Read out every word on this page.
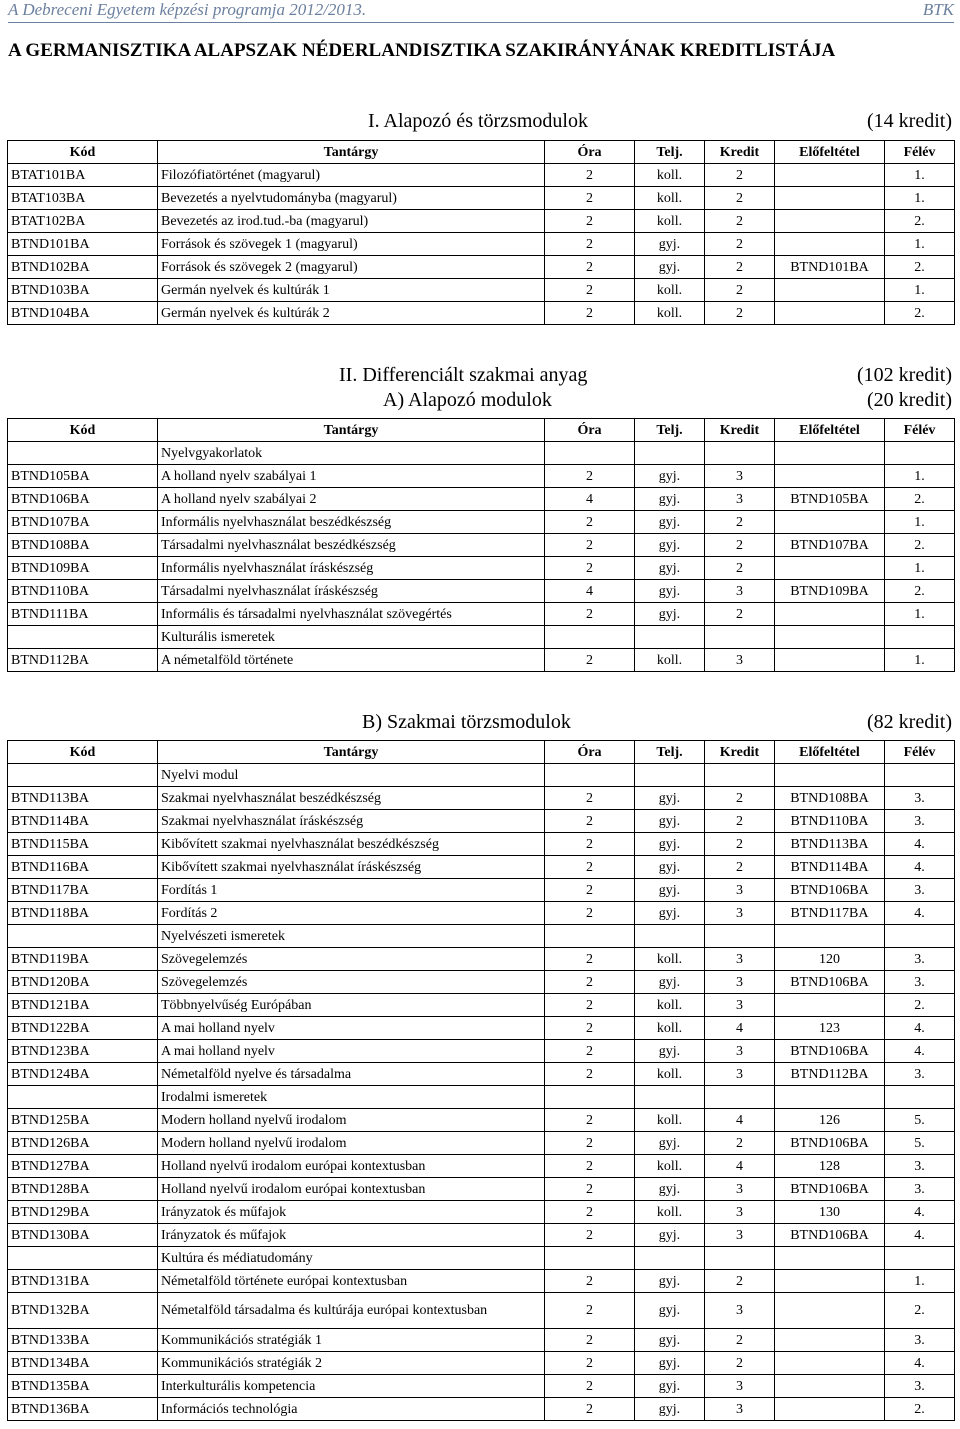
A Debreceni Egyetem képzési programja 2012/2013.	BTK
A GERMANISZTIKA ALAPSZAK NÉDERLANDISZTIKA SZAKIRÁNYÁNAK KREDITLISTÁJA
I. Alapozó és törzsmodulok	(14 kredit)
Kód	Tantárgy	Óra	Telj.	Kredit	Előfeltétel	Félév
BTAT101BA	Filozófiatörténet (magyarul)	2	koll.	2		1.
BTAT103BA	Bevezetés a nyelvtudományba (magyarul)	2	koll.	2		1.
BTAT102BA	Bevezetés az irod.tud.-ba (magyarul)	2	koll.	2		2.
BTND101BA	Források és szövegek 1 (magyarul)	2	gyj.	2		1.
BTND102BA	Források és szövegek 2 (magyarul)	2	gyj.	2	BTND101BA	2.
BTND103BA	Germán nyelvek és kultúrák 1	2	koll.	2		1.
BTND104BA	Germán nyelvek és kultúrák 2	2	koll.	2		2.
II. Differenciált szakmai anyag	(102 kredit)
A) Alapozó modulok	(20 kredit)
Kód	Tantárgy	Óra	Telj.	Kredit	Előfeltétel	Félév
	Nyelvgyakorlatok					
BTND105BA	A holland nyelv szabályai 1	2	gyj.	3		1.
BTND106BA	A holland nyelv szabályai 2	4	gyj.	3	BTND105BA	2.
BTND107BA	Informális nyelvhasználat beszédkészség	2	gyj.	2		1.
BTND108BA	Társadalmi nyelvhasználat beszédkészség	2	gyj.	2	BTND107BA	2.
BTND109BA	Informális nyelvhasználat íráskészség	2	gyj.	2		1.
BTND110BA	Társadalmi nyelvhasználat íráskészség	4	gyj.	3	BTND109BA	2.
BTND111BA	Informális és társadalmi nyelvhasználat szövegértés	2	gyj.	2		1.
	Kulturális ismeretek					
BTND112BA	A németalföld története	2	koll.	3		1.
B) Szakmai törzsmodulok	(82 kredit)
Kód	Tantárgy	Óra	Telj.	Kredit	Előfeltétel	Félév
	Nyelvi modul					
BTND113BA	Szakmai nyelvhasználat beszédkészség	2	gyj.	2	BTND108BA	3.
BTND114BA	Szakmai nyelvhasználat íráskészség	2	gyj.	2	BTND110BA	3.
BTND115BA	Kibővített szakmai nyelvhasználat beszédkészség	2	gyj.	2	BTND113BA	4.
BTND116BA	Kibővített szakmai nyelvhasználat íráskészség	2	gyj.	2	BTND114BA	4.
BTND117BA	Fordítás 1	2	gyj.	3	BTND106BA	3.
BTND118BA	Fordítás 2	2	gyj.	3	BTND117BA	4.
	Nyelvészeti ismeretek					
BTND119BA	Szövegelemzés	2	koll.	3	120	3.
BTND120BA	Szövegelemzés	2	gyj.	3	BTND106BA	3.
BTND121BA	Többnyelvűség Európában	2	koll.	3		2.
BTND122BA	A mai holland nyelv	2	koll.	4	123	4.
BTND123BA	A mai holland nyelv	2	gyj.	3	BTND106BA	4.
BTND124BA	Németalföld nyelve és társadalma	2	koll.	3	BTND112BA	3.
	Irodalmi ismeretek					
BTND125BA	Modern holland nyelvű irodalom	2	koll.	4	126	5.
BTND126BA	Modern holland nyelvű irodalom	2	gyj.	2	BTND106BA	5.
BTND127BA	Holland nyelvű irodalom európai kontextusban	2	koll.	4	128	3.
BTND128BA	Holland nyelvű irodalom európai kontextusban	2	gyj.	3	BTND106BA	3.
BTND129BA	Irányzatok és műfajok	2	koll.	3	130	4.
BTND130BA	Irányzatok és műfajok	2	gyj.	3	BTND106BA	4.
	Kultúra és médiatudomány					
BTND131BA	Németalföld története európai kontextusban	2	gyj.	2		1.
BTND132BA	Németalföld társadalma és kultúrája európai kontextusban	2	gyj.	3		2.
BTND133BA	Kommunikációs stratégiák 1	2	gyj.	2		3.
BTND134BA	Kommunikációs stratégiák 2	2	gyj.	2		4.
BTND135BA	Interkulturális kompetencia	2	gyj.	3		3.
BTND136BA	Információs technológia	2	gyj.	3		2.
